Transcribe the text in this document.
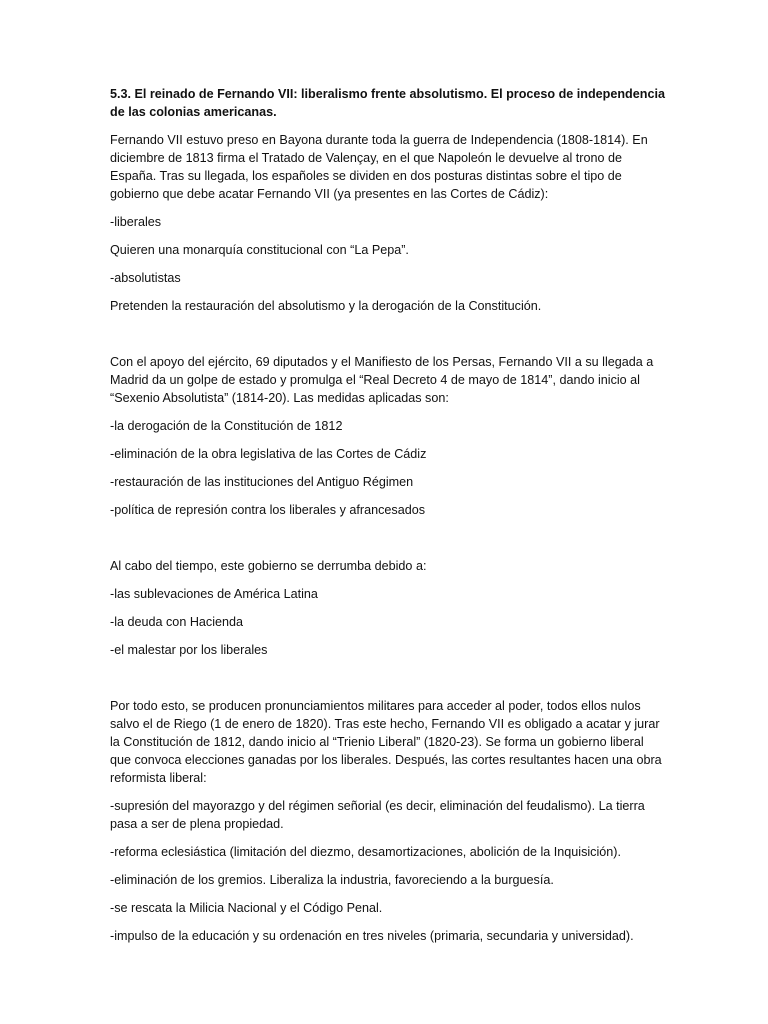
5.3. El reinado de Fernando VII: liberalismo frente absolutismo. El proceso de independencia de las colonias americanas.

Fernando VII estuvo preso en Bayona durante toda la guerra de Independencia (1808-1814). En diciembre de 1813 firma el Tratado de Valençay, en el que Napoleón le devuelve al trono de España. Tras su llegada, los españoles se dividen en dos posturas distintas sobre el tipo de gobierno que debe acatar Fernando VII (ya presentes en las Cortes de Cádiz):

-liberales

Quieren una monarquía constitucional con “La Pepa”.

-absolutistas

Pretenden la restauración del absolutismo y la derogación de la Constitución.

Con el apoyo del ejército, 69 diputados y el Manifiesto de los Persas, Fernando VII a su llegada a Madrid da un golpe de estado y promulga el “Real Decreto 4 de mayo de 1814”, dando inicio al “Sexenio Absolutista” (1814-20). Las medidas aplicadas son:

-la derogación de la Constitución de 1812

-eliminación de la obra legislativa de las Cortes de Cádiz

-restauración de las instituciones del Antiguo Régimen

-política de represión contra los liberales y afrancesados

Al cabo del tiempo, este gobierno se derrumba debido a:

-las sublevaciones de América Latina

-la deuda con Hacienda

-el malestar por los liberales

Por todo esto, se producen pronunciamientos militares para acceder al poder, todos ellos nulos salvo el de Riego (1 de enero de 1820). Tras este hecho, Fernando VII es obligado a acatar y jurar la Constitución de 1812, dando inicio al “Trienio Liberal” (1820-23). Se forma un gobierno liberal que convoca elecciones ganadas por los liberales. Después, las cortes resultantes hacen una obra reformista liberal:

-supresión del mayorazgo y del régimen señorial (es decir, eliminación del feudalismo). La tierra pasa a ser de plena propiedad.

-reforma eclesiástica (limitación del diezmo, desamortizaciones, abolición de la Inquisición).

-eliminación de los gremios. Liberaliza la industria, favoreciendo a la burguesía.

-se rescata la Milicia Nacional y el Código Penal.

-impulso de la educación y su ordenación en tres niveles (primaria, secundaria y universidad).
